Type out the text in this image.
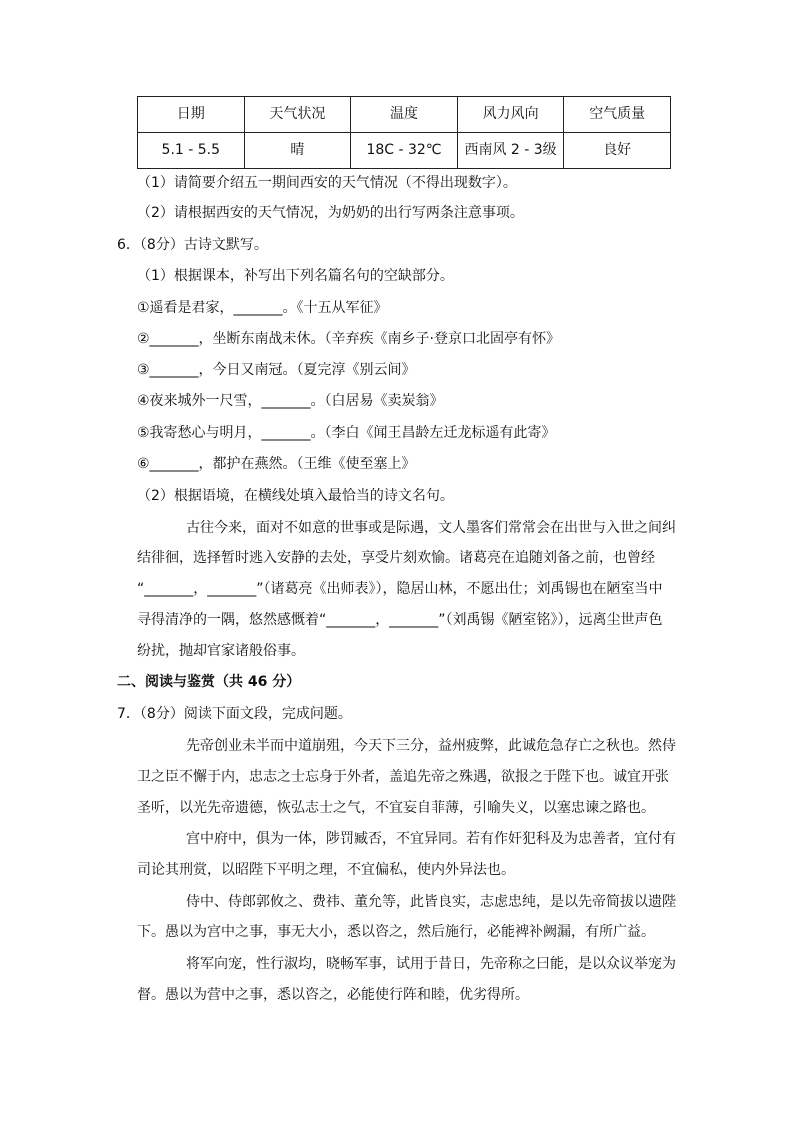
日期	天气状况	温度	风力风向	空气质量
5.1 - 5.5	晴	18C - 32℃	西南风 2 - 3级	良好
（1）请简要介绍五一期间西安的天气情况（不得出现数字）。
（2）请根据西安的天气情况，为奶奶的出行写两条注意事项。
6．（8分）古诗文默写。
（1）根据课本，补写出下列名篇名句的空缺部分。
①遥看是君家，_______。《十五从军征》
②_______，坐断东南战未休。（辛弃疾《南乡子·登京口北固亭有怀》
③_______，今日又南冠。（夏完淳《别云间》
④夜来城外一尺雪，_______。（白居易《卖炭翁》
⑤我寄愁心与明月，_______。（李白《闻王昌龄左迁龙标遥有此寄》
⑥_______，都护在燕然。（王维《使至塞上》
（2）根据语境，在横线处填入最恰当的诗文名句。
古往今来，面对不如意的世事或是际遇，文人墨客们常常会在出世与入世之间纠
结徘徊，选择暂时逃入安静的去处，享受片刻欢愉。诸葛亮在追随刘备之前，也曾经
“_______，_______”（诸葛亮《出师表》），隐居山林，不愿出仕；刘禹锡也在陋室当中
寻得清净的一隅，悠然感慨着“_______，_______”（刘禹锡《陋室铭》），远离尘世声色
纷扰，抛却官家诸般俗事。
二、阅读与鉴赏（共 46 分）
7．（8分）阅读下面文段，完成问题。
先帝创业未半而中道崩殂，今天下三分，益州疲弊，此诚危急存亡之秋也。然侍
卫之臣不懈于内，忠志之士忘身于外者，盖追先帝之殊遇，欲报之于陛下也。诚宜开张
圣听，以光先帝遗德，恢弘志士之气，不宜妄自菲薄，引喻失义，以塞忠谏之路也。
宫中府中，俱为一体，陟罚臧否，不宜异同。若有作奸犯科及为忠善者，宜付有
司论其刑赏，以昭陛下平明之理，不宜偏私，使内外异法也。
侍中、侍郎郭攸之、费祎、董允等，此皆良实，志虑忠纯，是以先帝简拔以遗陛
下。愚以为宫中之事，事无大小，悉以咨之，然后施行，必能裨补阙漏，有所广益。
将军向宠，性行淑均，晓畅军事，试用于昔日，先帝称之曰能，是以众议举宠为
督。愚以为营中之事，悉以咨之，必能使行阵和睦，优劣得所。
